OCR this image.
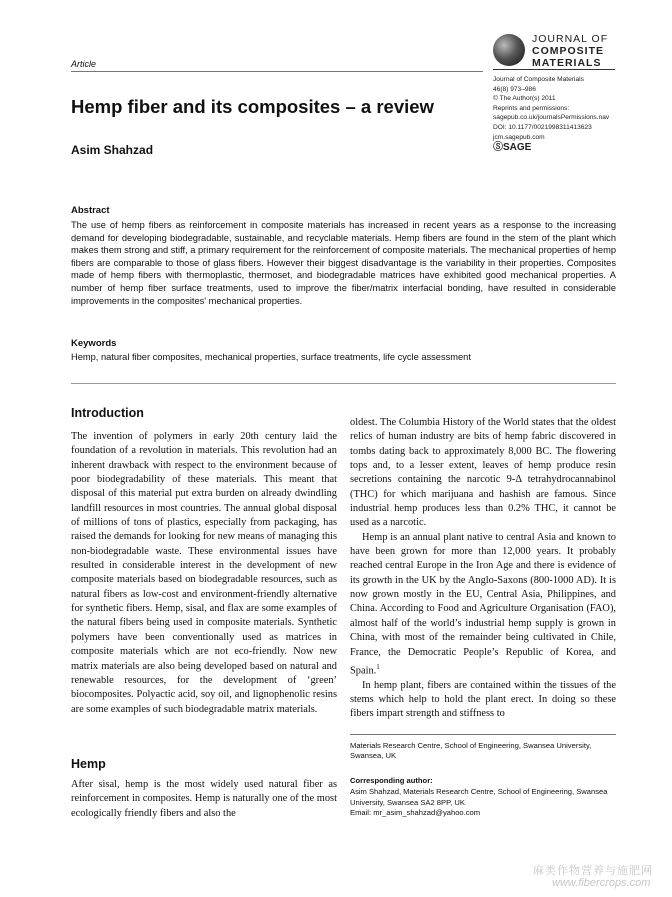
JOURNAL OF
COMPOSITE
MATERIALS
Journal of Composite Materials
46(8) 973–986
© The Author(s) 2011
Reprints and permissions:
sagepub.co.uk/journalsPermissions.nav
DOI: 10.1177/0021998311413623
jcm.sagepub.com
ⓈSAGE
Article
Hemp fiber and its composites – a review
Asim Shahzad
Abstract
The use of hemp fibers as reinforcement in composite materials has increased in recent years as a response to the increasing demand for developing biodegradable, sustainable, and recyclable materials. Hemp fibers are found in the stem of the plant which makes them strong and stiff, a primary requirement for the reinforcement of composite materials. The mechanical properties of hemp fibers are comparable to those of glass fibers. However their biggest disadvantage is the variability in their properties. Composites made of hemp fibers with thermoplastic, thermoset, and biodegradable matrices have exhibited good mechanical properties. A number of hemp fiber surface treatments, used to improve the fiber/matrix interfacial bonding, have resulted in considerable improvements in the composites' mechanical properties.
Keywords
Hemp, natural fiber composites, mechanical properties, surface treatments, life cycle assessment
Introduction

The invention of polymers in early 20th century laid the foundation of a revolution in materials. This revolution had an inherent drawback with respect to the environment because of poor biodegradability of these materials. This meant that disposal of this material put extra burden on already dwindling landfill resources in most countries. The annual global disposal of millions of tons of plastics, especially from packaging, has raised the demands for looking for new means of managing this non-biodegradable waste. These environmental issues have resulted in considerable interest in the development of new composite materials based on biodegradable resources, such as natural fibers as low-cost and environment-friendly alternative for synthetic fibers. Hemp, sisal, and flax are some examples of the natural fibers being used in composite materials. Synthetic polymers have been conventionally used as matrices in composite materials which are not eco-friendly. Now new matrix materials are also being developed based on natural and renewable resources, for the development of ‘green’ biocomposites. Polyactic acid, soy oil, and lignophenolic resins are some examples of such biodegradable matrix materials.

Hemp

After sisal, hemp is the most widely used natural fiber as reinforcement in composites. Hemp is naturally one of the most ecologically friendly fibers and also the

oldest. The Columbia History of the World states that the oldest relics of human industry are bits of hemp fabric discovered in tombs dating back to approximately 8,000 BC. The flowering tops and, to a lesser extent, leaves of hemp produce resin secretions containing the narcotic 9-Δ tetrahydrocannabinol (THC) for which marijuana and hashish are famous. Since industrial hemp produces less than 0.2% THC, it cannot be used as a narcotic.

Hemp is an annual plant native to central Asia and known to have been grown for more than 12,000 years. It probably reached central Europe in the Iron Age and there is evidence of its growth in the UK by the Anglo-Saxons (800-1000 AD). It is now grown mostly in the EU, Central Asia, Philippines, and China. According to Food and Agriculture Organisation (FAO), almost half of the world’s industrial hemp supply is grown in China, with most of the remainder being cultivated in Chile, France, the Democratic People’s Republic of Korea, and Spain.$^1$

In hemp plant, fibers are contained within the tissues of the stems which help to hold the plant erect. In doing so these fibers impart strength and stiffness to

Materials Research Centre, School of Engineering, Swansea University, Swansea, UK
Corresponding author:
Asim Shahzad, Materials Research Centre, School of Engineering, Swansea University, Swansea SA2 8PP, UK
Email: mr_asim_shahzad@yahoo.com
麻类作物营养与施肥网
www.fibercrops.com
